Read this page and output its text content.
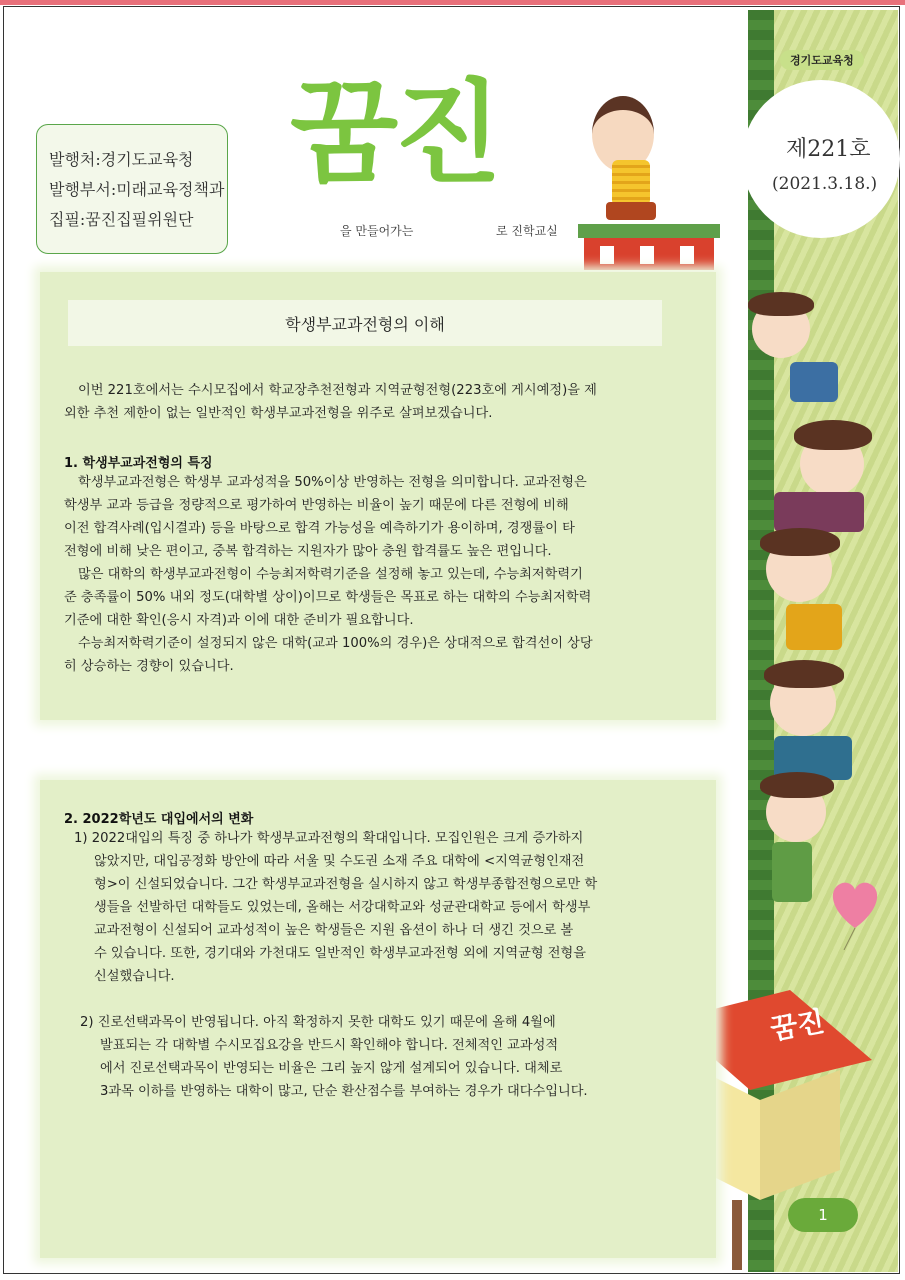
꿈진
발행처:경기도교육청
발행부서:미래교육정책과
집필:꿈진집필위원단
꿈진
을 만들어가는	로 진학교실
경기도교육청
제221호
(2021.3.18.)
학생부교과전형의 이해
이번 221호에서는 수시모집에서 학교장추천전형과 지역균형전형(223호에 게시예정)을 제
외한 추천 제한이 없는 일반적인 학생부교과전형을 위주로 살펴보겠습니다.
1. 학생부교과전형의 특징
학생부교과전형은 학생부 교과성적을 50%이상 반영하는 전형을 의미합니다. 교과전형은
학생부 교과 등급을 정량적으로 평가하여 반영하는 비율이 높기 때문에 다른 전형에 비해
이전 합격사례(입시결과) 등을 바탕으로 합격 가능성을 예측하기가 용이하며, 경쟁률이 타
전형에 비해 낮은 편이고, 중복 합격하는 지원자가 많아 충원 합격률도 높은 편입니다.
많은 대학의 학생부교과전형이 수능최저학력기준을 설정해 놓고 있는데, 수능최저학력기
준 충족률이 50% 내외 정도(대학별 상이)이므로 학생들은 목표로 하는 대학의 수능최저학력
기준에 대한 확인(응시 자격)과 이에 대한 준비가 필요합니다.
수능최저학력기준이 설정되지 않은 대학(교과 100%의 경우)은 상대적으로 합격선이 상당
히 상승하는 경향이 있습니다.
2. 2022학년도 대입에서의 변화
1) 2022대입의 특징 중 하나가 학생부교과전형의 확대입니다. 모집인원은 크게 증가하지
않았지만, 대입공정화 방안에 따라 서울 및 수도권 소재 주요 대학에 <지역균형인재전
형>이 신설되었습니다. 그간 학생부교과전형을 실시하지 않고 학생부종합전형으로만 학
생들을 선발하던 대학들도 있었는데, 올해는 서강대학교와 성균관대학교 등에서 학생부
교과전형이 신설되어 교과성적이 높은 학생들은 지원 옵션이 하나 더 생긴 것으로 볼
수 있습니다. 또한, 경기대와 가천대도 일반적인 학생부교과전형 외에 지역균형 전형을
신설했습니다.
2) 진로선택과목이 반영됩니다. 아직 확정하지 못한 대학도 있기 때문에 올해 4월에
발표되는 각 대학별 수시모집요강을 반드시 확인해야 합니다. 전체적인 교과성적
에서 진로선택과목이 반영되는 비율은 그리 높지 않게 설계되어 있습니다. 대체로
3과목 이하를 반영하는 대학이 많고, 단순 환산점수를 부여하는 경우가 대다수입니다.
1
